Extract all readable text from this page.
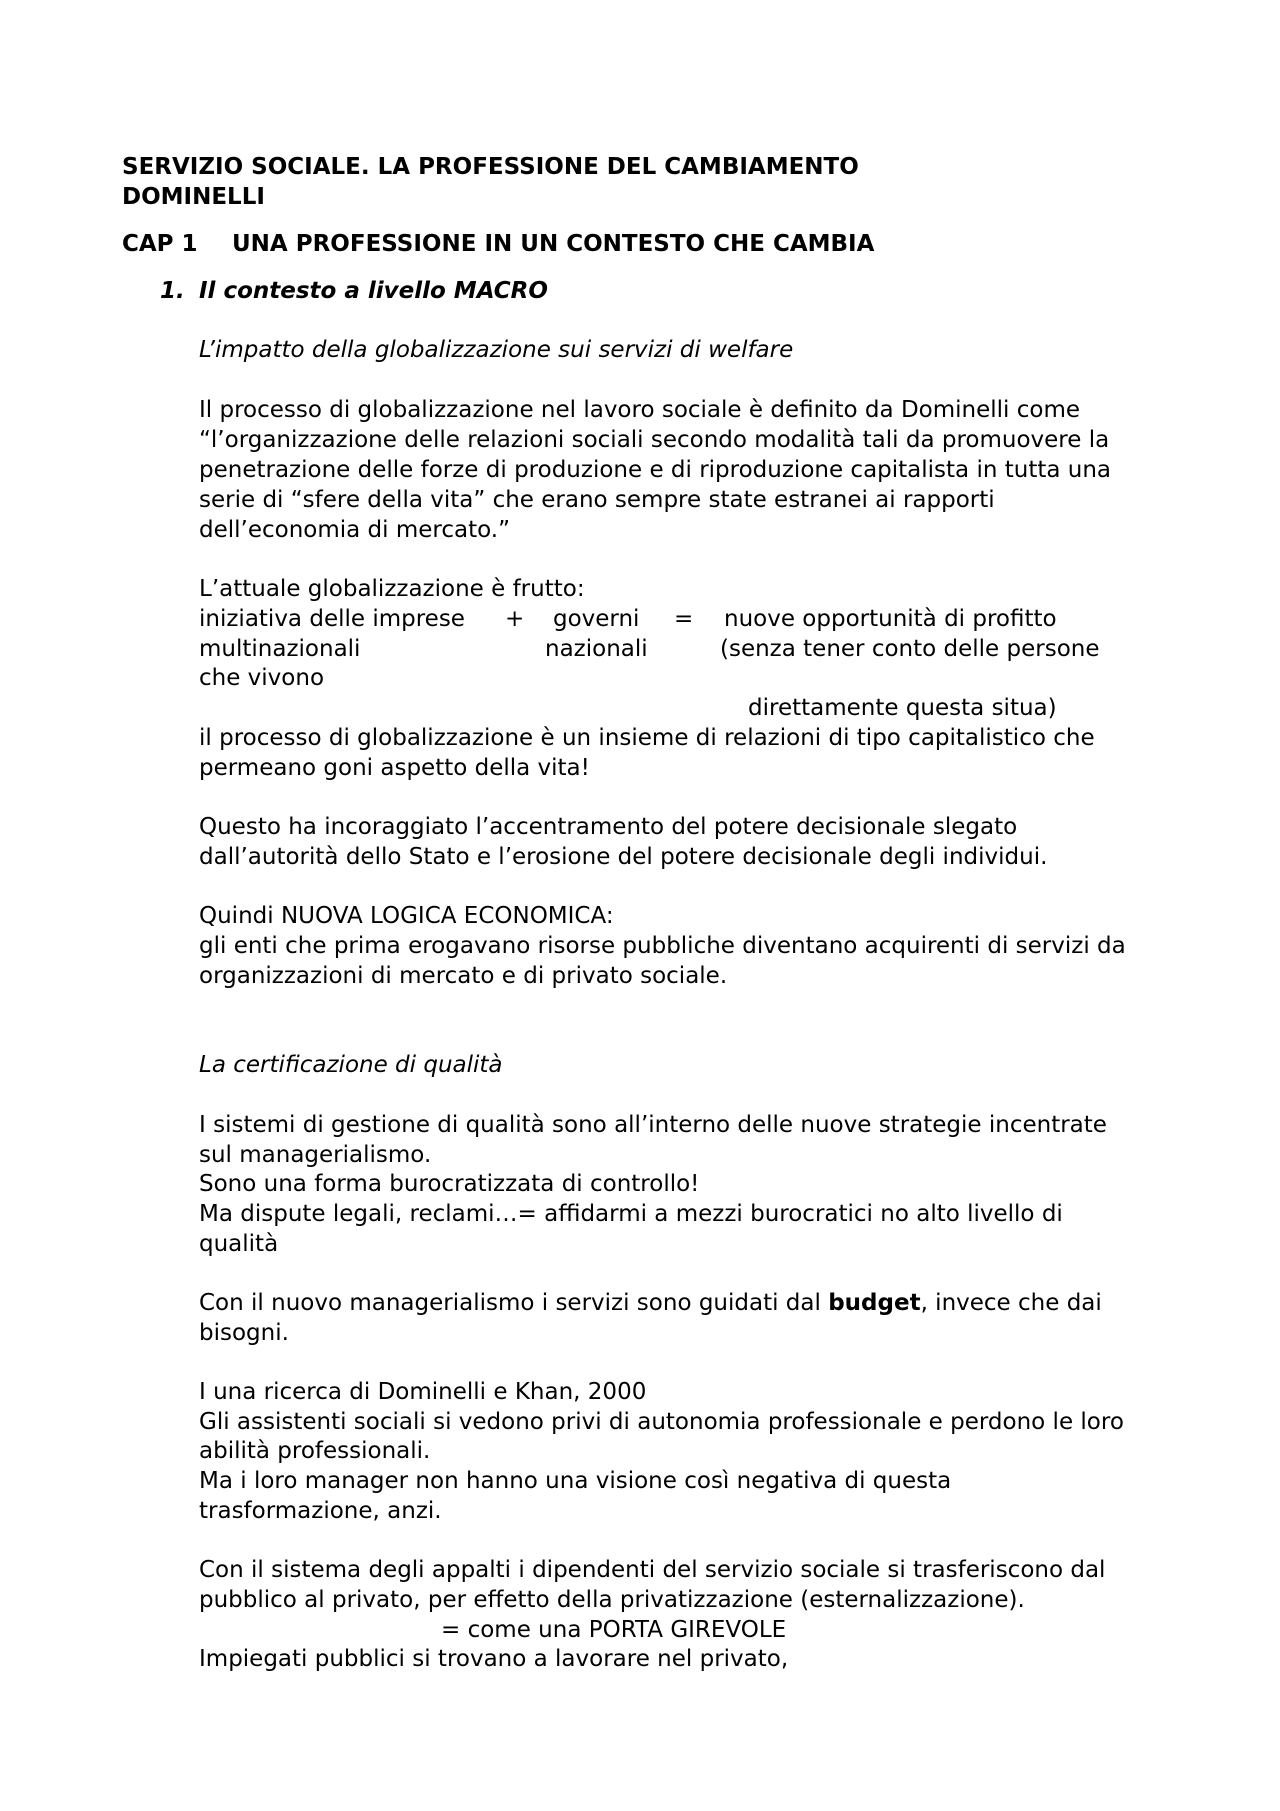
SERVIZIO SOCIALE. LA PROFESSIONE DEL CAMBIAMENTO
DOMINELLI
CAP 1 UNA PROFESSIONE IN UN CONTESTO CHE CAMBIA
1. Il contesto a livello MACRO
L’impatto della globalizzazione sui servizi di welfare
Il processo di globalizzazione nel lavoro sociale è definito da Dominelli come
“l’organizzazione delle relazioni sociali secondo modalità tali da promuovere la
penetrazione delle forze di produzione e di riproduzione capitalista in tutta una
serie di “sfere della vita” che erano sempre state estranei ai rapporti
dell’economia di mercato.”
L’attuale globalizzazione è frutto:
iniziativa delle imprese + governi = nuove opportunità di profitto
multinazionali	nazionali	(senza tener conto delle persone
che vivono
direttamente questa situa)
il processo di globalizzazione è un insieme di relazioni di tipo capitalistico che
permeano goni aspetto della vita!
Questo ha incoraggiato l’accentramento del potere decisionale slegato
dall’autorità dello Stato e l’erosione del potere decisionale degli individui.
Quindi NUOVA LOGICA ECONOMICA:
gli enti che prima erogavano risorse pubbliche diventano acquirenti di servizi da
organizzazioni di mercato e di privato sociale.
La certificazione di qualità
I sistemi di gestione di qualità sono all’interno delle nuove strategie incentrate
sul managerialismo.
Sono una forma burocratizzata di controllo!
Ma dispute legali, reclami…= affidarmi a mezzi burocratici no alto livello di
qualità
Con il nuovo managerialismo i servizi sono guidati dal budget, invece che dai
bisogni.
I una ricerca di Dominelli e Khan, 2000
Gli assistenti sociali si vedono privi di autonomia professionale e perdono le loro
abilità professionali.
Ma i loro manager non hanno una visione così negativa di questa
trasformazione, anzi.
Con il sistema degli appalti i dipendenti del servizio sociale si trasferiscono dal
pubblico al privato, per effetto della privatizzazione (esternalizzazione).
= come una PORTA GIREVOLE
Impiegati pubblici si trovano a lavorare nel privato,
